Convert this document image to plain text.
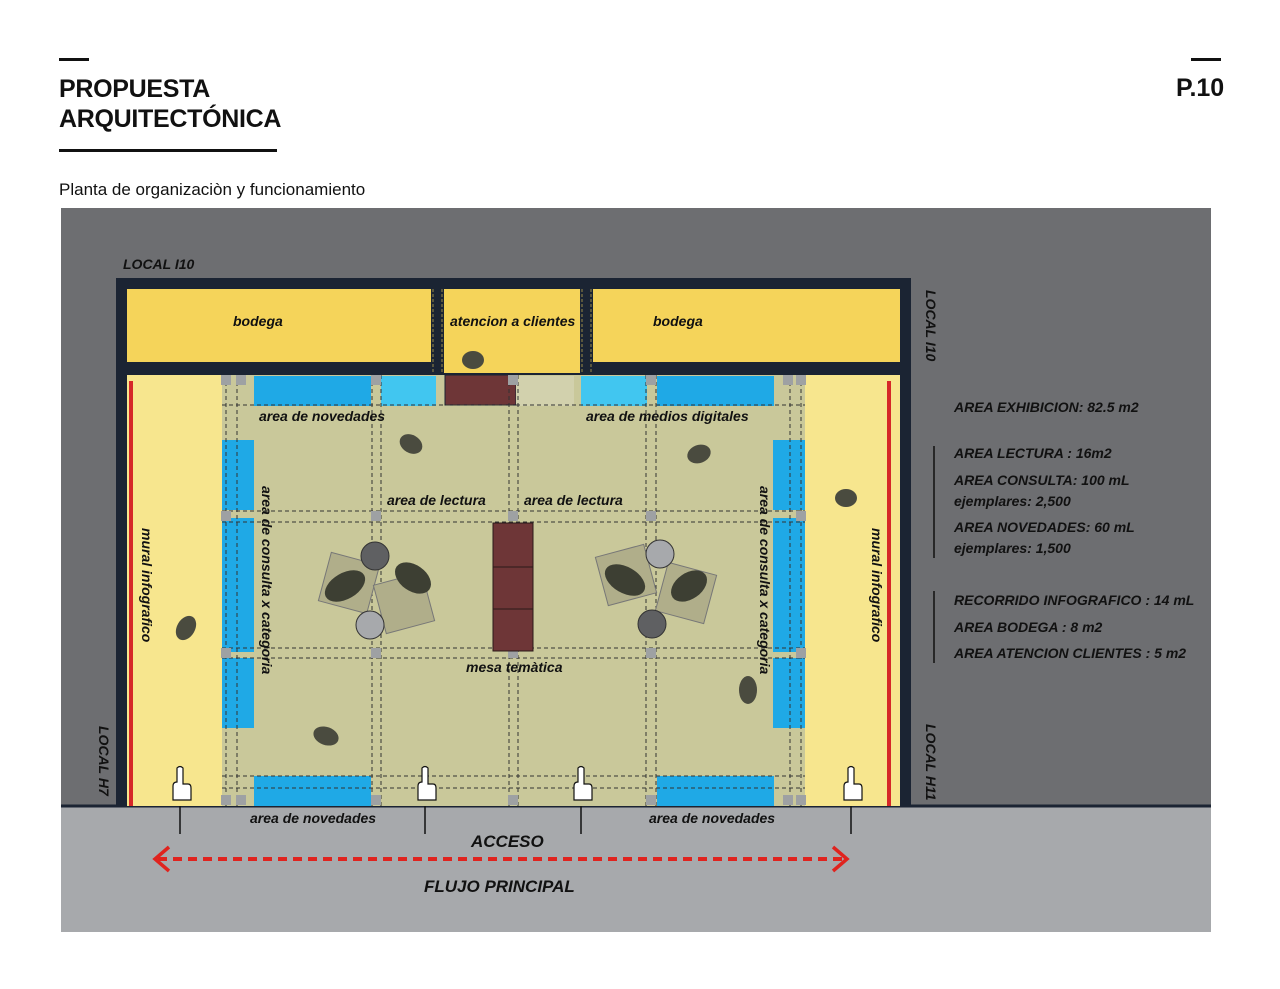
PROPUESTA
ARQUITECTÓNICA
P.10
Planta de organizaciòn y funcionamiento
LOCAL I10
LOCAL I10
LOCAL H7	LOCAL H11
bodega	atencion a clientes	bodega
area de novedades	area de medios digitales
area de lectura	area de lectura
area de consulta x categoria	area de consulta x categoria
mural infografico	mural infografico
mesa temàtica
area de novedades	area de novedades
ACCESO
FLUJO PRINCIPAL
AREA EXHIBICION: 82.5 m2
AREA LECTURA : 16m2
AREA CONSULTA: 100 mL
ejemplares: 2,500
AREA NOVEDADES: 60 mL
ejemplares: 1,500
RECORRIDO INFOGRAFICO : 14 mL
AREA BODEGA : 8 m2
AREA ATENCION CLIENTES : 5 m2
